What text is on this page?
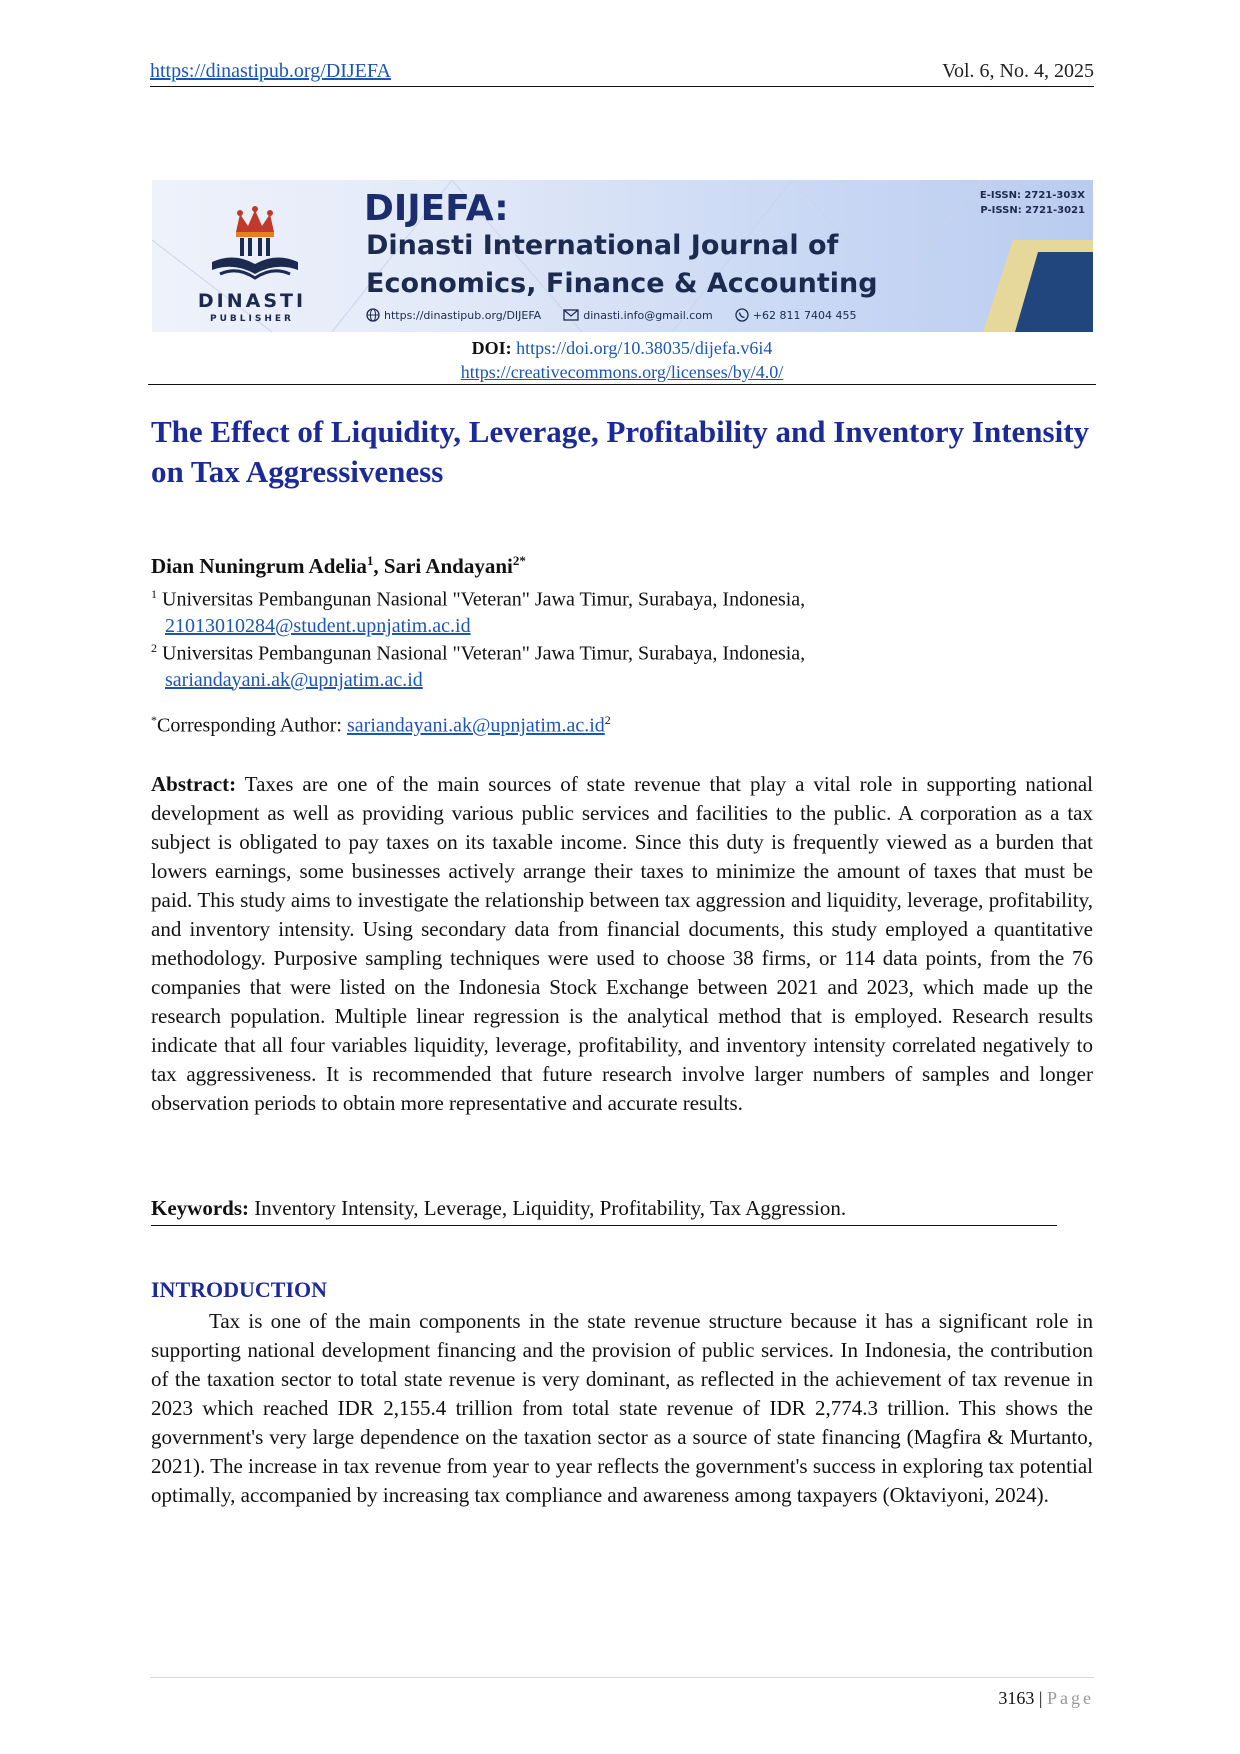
https://dinastipub.org/DIJEFA	Vol. 6, No. 4, 2025
DINASTI
PUBLISHER
DIJEFA:
Dinasti International Journal of
Economics, Finance & Accounting
https://dinastipub.org/DIJEFA	dinasti.info@gmail.com	+62 811 7404 455
E-ISSN: 2721-303X
P-ISSN: 2721-3021
DOI: https://doi.org/10.38035/dijefa.v6i4
https://creativecommons.org/licenses/by/4.0/
The Effect of Liquidity, Leverage, Profitability and Inventory Intensity on Tax Aggressiveness
Dian Nuningrum Adelia$^1$, Sari Andayani$^{2*}$
$^1$ Universitas Pembangunan Nasional "Veteran" Jawa Timur, Surabaya, Indonesia,
21013010284@student.upnjatim.ac.id
$^2$ Universitas Pembangunan Nasional "Veteran" Jawa Timur, Surabaya, Indonesia,
sariandayani.ak@upnjatim.ac.id
*Corresponding Author: $sariandayani.ak@upnjatim.ac.id^2$
Abstract: Taxes are one of the main sources of state revenue that play a vital role in supporting national development as well as providing various public services and facilities to the public. A corporation as a tax subject is obligated to pay taxes on its taxable income. Since this duty is frequently viewed as a burden that lowers earnings, some businesses actively arrange their taxes to minimize the amount of taxes that must be paid. This study aims to investigate the relationship between tax aggression and liquidity, leverage, profitability, and inventory intensity. Using secondary data from financial documents, this study employed a quantitative methodology. Purposive sampling techniques were used to choose 38 firms, or 114 data points, from the 76 companies that were listed on the Indonesia Stock Exchange between 2021 and 2023, which made up the research population. Multiple linear regression is the analytical method that is employed. Research results indicate that all four variables liquidity, leverage, profitability, and inventory intensity correlated negatively to tax aggressiveness. It is recommended that future research involve larger numbers of samples and longer observation periods to obtain more representative and accurate results.
Keywords: Inventory Intensity, Leverage, Liquidity, Profitability, Tax Aggression.
INTRODUCTION

Tax is one of the main components in the state revenue structure because it has a significant role in supporting national development financing and the provision of public services. In Indonesia, the contribution of the taxation sector to total state revenue is very dominant, as reflected in the achievement of tax revenue in 2023 which reached IDR 2,155.4 trillion from total state revenue of IDR 2,774.3 trillion. This shows the government's very large dependence on the taxation sector as a source of state financing (Magfira & Murtanto, 2021). The increase in tax revenue from year to year reflects the government's success in exploring tax potential optimally, accompanied by increasing tax compliance and awareness among taxpayers (Oktaviyoni, 2024).

3163 | Page
